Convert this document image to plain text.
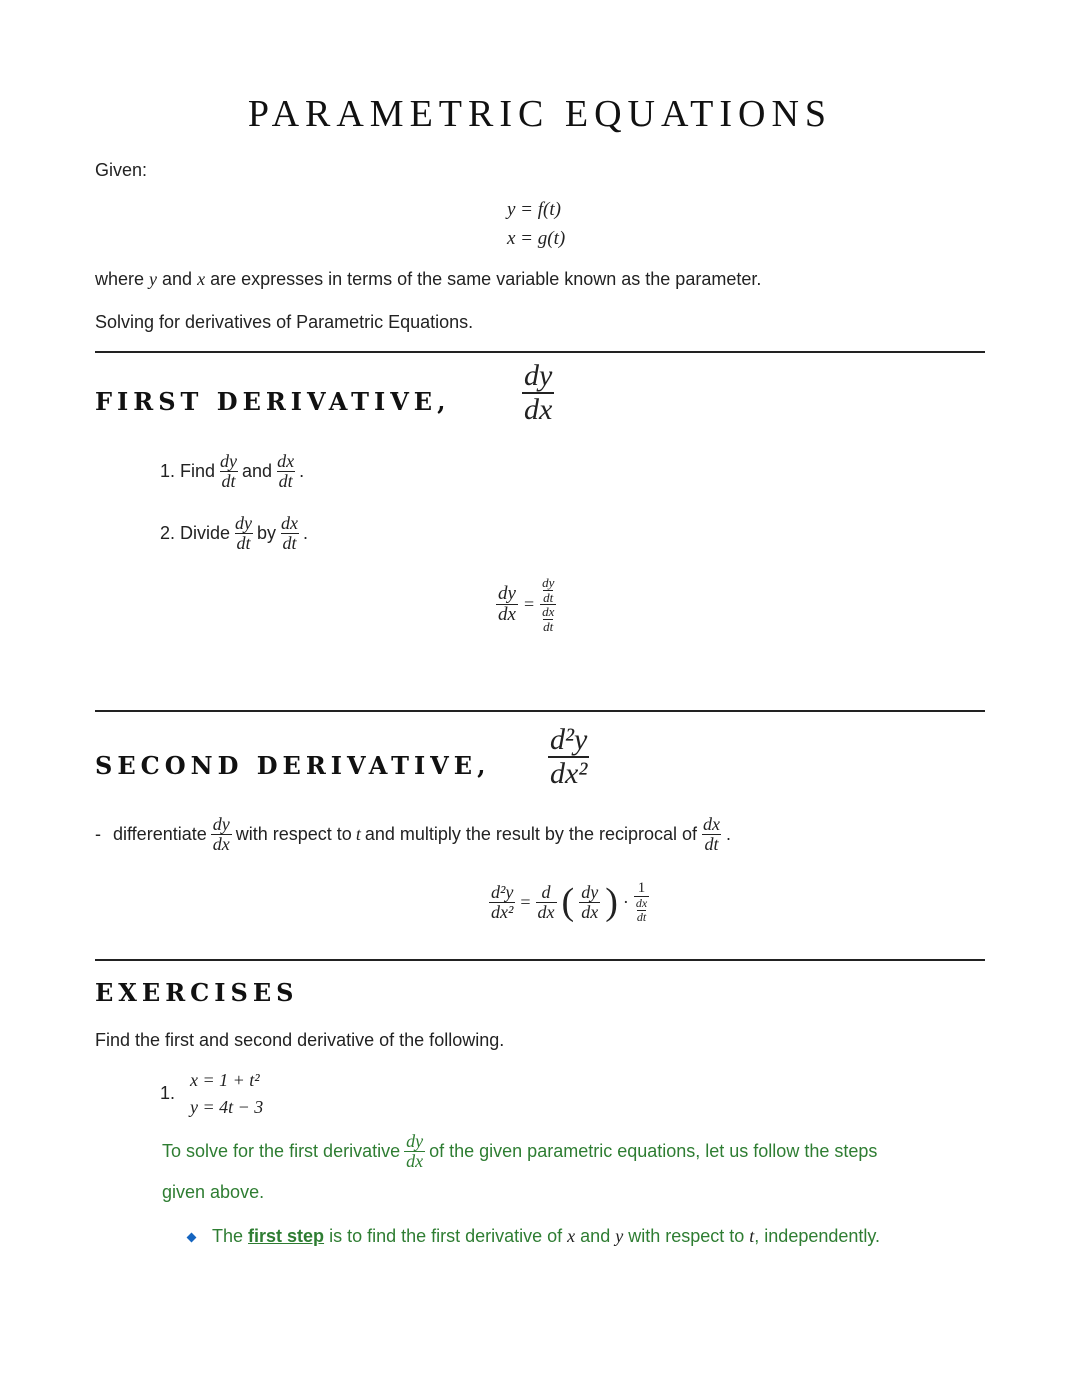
PARAMETRIC EQUATIONS
Given:
y = f(t)
x = g(t)
where y and x are expresses in terms of the same variable known as the parameter.
Solving for derivatives of Parametric Equations.
FIRST DERIVATIVE, $\frac{dy}{dx}$
1. Find $\frac{dy}{dt}$ and $\frac{dx}{dt}$ .
2. Divide $\frac{dy}{dt}$ by $\frac{dx}{dt}$ .
$\frac{dy}{dx} = \frac{\frac{dy}{dt}}{\frac{dx}{dt}}$
SECOND DERIVATIVE, $\frac{\text{d²y}}{\text{dx²}}$
- differentiate $\frac{dy}{dx}$ with respect to t and multiply the result by the reciprocal of $\frac{dx}{dt}$ .
$\frac{\text{d²y}}{\text{dx²}} = \frac{d}{dx}$ ( $\frac{dy}{dx}$ ) · $\frac{1}{\frac{dx}{dt}}$
EXERCISES
Find the first and second derivative of the following.
1.
x = 1 + t²
y = 4t − 3
To solve for the first derivative $\frac{dy}{dx}$ of the given parametric equations, let us follow the steps
given above.
The first step is to find the first derivative of x and y with respect to t, independently.
